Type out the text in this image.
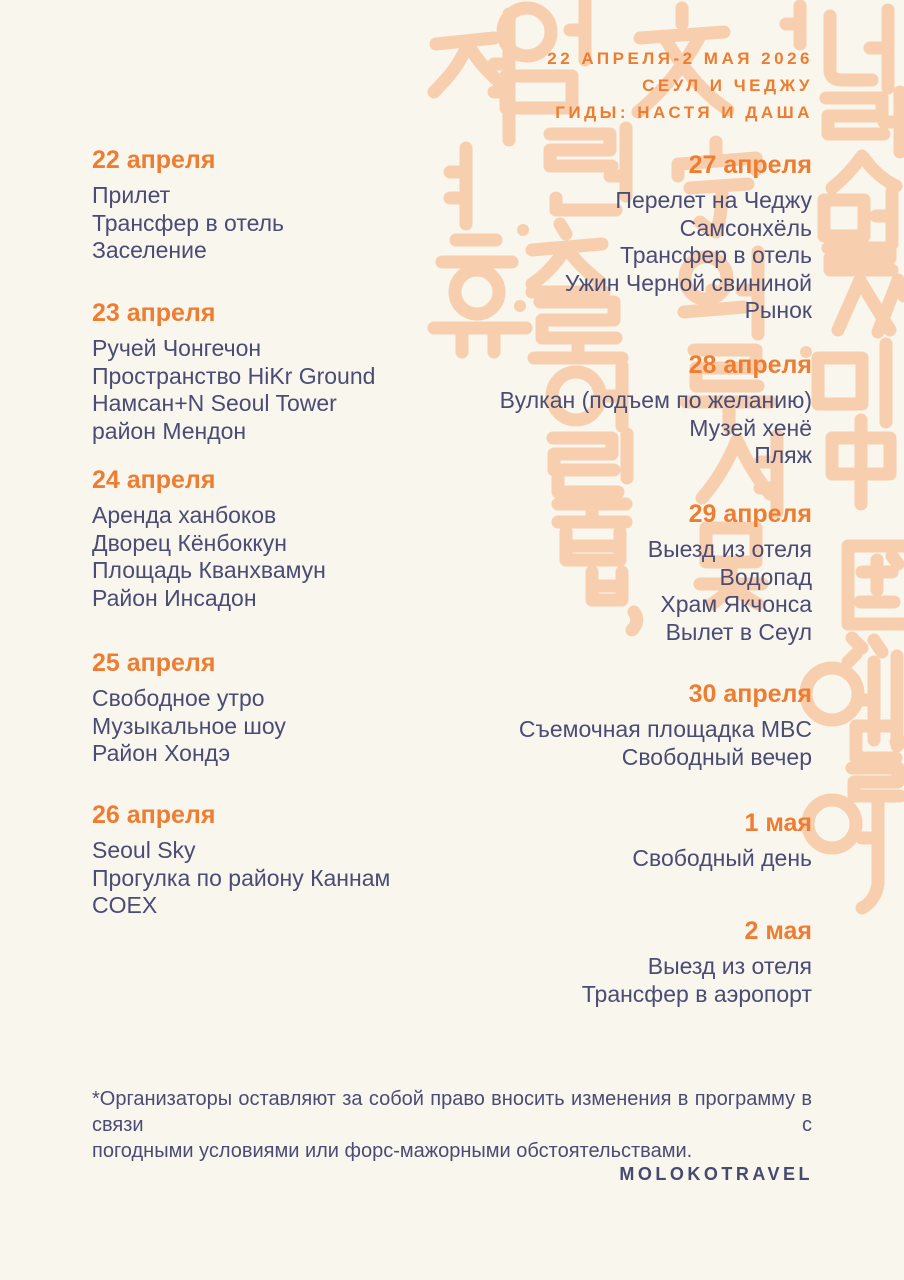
22 АПРЕЛЯ-2 МАЯ 2026
СЕУЛ И ЧЕДЖУ
ГИДЫ: НАСТЯ И ДАША
22 апреля
Прилет
Трансфер в отель
Заселение
23 апреля
Ручей Чонгечон
Пространство HiKr Ground
Намсан+N Seoul Tower
район Мендон
24 апреля
Аренда ханбоков
Дворец Кёнбоккун
Площадь Кванхвамун
Район Инсадон
25 апреля
Свободное утро
Музыкальное шоу
Район Хондэ
26 апреля
Seoul Sky
Прогулка по району Каннам
COEX
27 апреля
Перелет на Чеджу
Самсонхёль
Трансфер в отель
Ужин Черной свининой
Рынок
28 апреля
Вулкан (подъем по желанию)
Музей хенё
Пляж
29 апреля
Выезд из отеля
Водопад
Храм Якчонса
Вылет в Сеул
30 апреля
Съемочная площадка MBC
Свободный вечер
1 мая
Свободный день
2 мая
Выезд из отеля
Трансфер в аэропорт
*Организаторы оставляют за собой право вносить изменения в программу в связи с
погодными условиями или форс-мажорными обстоятельствами.
MOLOKOTRAVEL
